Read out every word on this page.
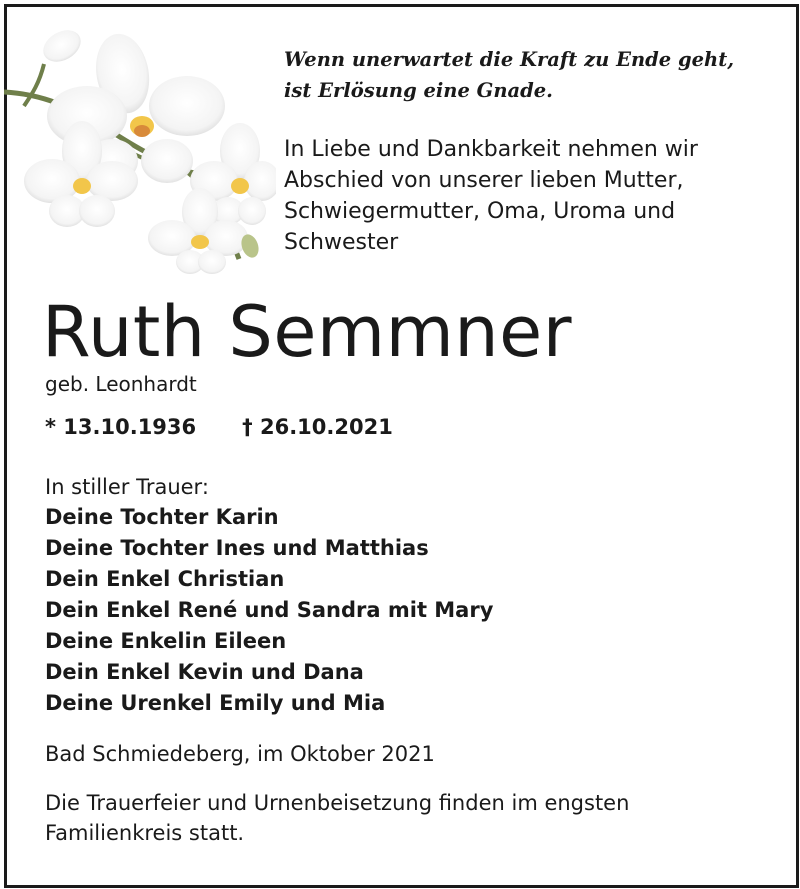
Wenn unerwartet die Kraft zu Ende geht,
ist Erlösung eine Gnade.
In Liebe und Dankbarkeit nehmen wir
Abschied von unserer lieben Mutter,
Schwiegermutter, Oma, Uroma und
Schwester
Ruth Semmner
geb. Leonhardt
* 13.10.1936 † 26.10.2021
In stiller Trauer:
Deine Tochter Karin
Deine Tochter Ines und Matthias
Dein Enkel Christian
Dein Enkel René und Sandra mit Mary
Deine Enkelin Eileen
Dein Enkel Kevin und Dana
Deine Urenkel Emily und Mia
Bad Schmiedeberg, im Oktober 2021
Die Trauerfeier und Urnenbeisetzung finden im engsten
Familienkreis statt.
